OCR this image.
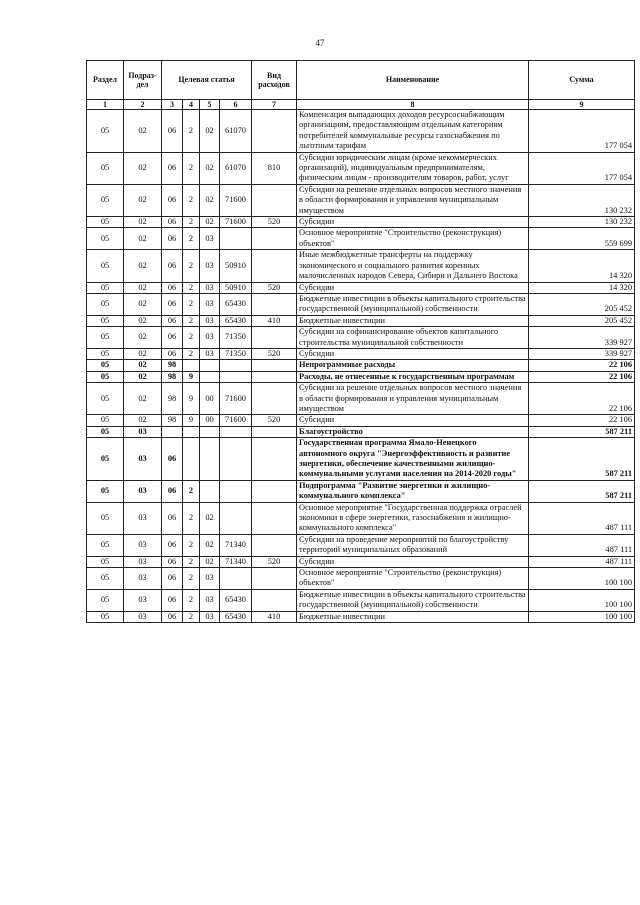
47
Раздел	Подраз-дел	Целевая статья				Вид расходов	Наименование	Сумма
1	2	3	4	5	6	7	8	9
05	02	06	2	02	61070		Компенсация выпадающих доходов ресурсоснабжающим организациям, предоставляющим отдельным категориям потребителей коммунальные ресурсы газоснабжения по льготным тарифам	177 054
05	02	06	2	02	61070	810	Субсидии юридическим лицам (кроме некоммерческих организаций), индивидуальным предпринимателям, физическим лицам - производителям товаров, работ, услуг	177 054
05	02	06	2	02	71600		Субсидии на решение отдельных вопросов местного значения в области формирования и управления муниципальным имуществом	130 232
05	02	06	2	02	71600	520	Субсидии	130 232
05	02	06	2	03			Основное мероприятие "Строительство (реконструкция) объектов"	559 699
05	02	06	2	03	50910		Иные межбюджетные трансферты на поддержку экономического и социального развития коренных малочисленных народов Севера, Сибири и Дальнего Востока	14 320
05	02	06	2	03	50910	520	Субсидии	14 320
05	02	06	2	03	65430		Бюджетные инвестиции в объекты капитального строительства государственной (муниципальной) собственности	205 452
05	02	06	2	03	65430	410	Бюджетные инвестиции	205 452
05	02	06	2	03	71350		Субсидии на софинансирование объектов капитального строительства муниципальной собственности	339 927
05	02	06	2	03	71350	520	Субсидии	339 927
05	02	98					Непрограммные расходы	22 106
05	02	98	9				Расходы, не отнесенные к государственным программам	22 106
05	02	98	9	00	71600		Субсидии на решение отдельных вопросов местного значения в области формирования и управления муниципальным имуществом	22 106
05	02	98	9	00	71600	520	Субсидии	22 106
05	03						Благоустройство	587 211
05	03	06					Государственная программа Ямало-Ненецкого автономного округа "Энергоэффективность и развитие энергетики, обеспечение качественными жилищно-коммунальными услугами населения на 2014-2020 годы"	587 211
05	03	06	2				Подпрограмма "Развитие энергетики и жилищно-коммунального комплекса"	587 211
05	03	06	2	02			Основное мероприятие "Государственная поддержка отраслей экономики в сфере энергетики, газоснабжения и жилищно-коммунального комплекса"	487 111
05	03	06	2	02	71340		Субсидии на проведение мероприятий по благоустройству территорий муниципальных образований	487 111
05	03	06	2	02	71340	520	Субсидии	487 111
05	03	06	2	03			Основное мероприятие "Строительство (реконструкция) объектов"	100 100
05	03	06	2	03	65430		Бюджетные инвестиции в объекты капитального строительства государственной (муниципальной) собственности	100 100
05	03	06	2	03	65430	410	Бюджетные инвестиции	100 100
